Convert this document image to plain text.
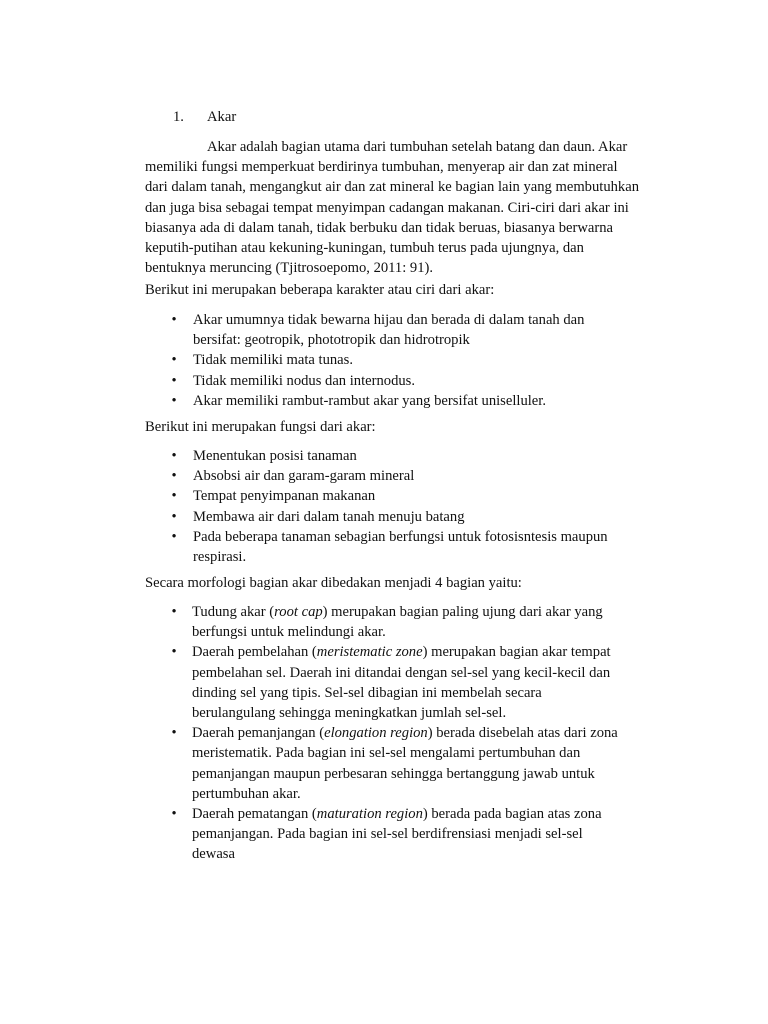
1. Akar
Akar adalah bagian utama dari tumbuhan setelah batang dan daun. Akar
memiliki fungsi memperkuat berdirinya tumbuhan, menyerap air dan zat mineral
dari dalam tanah, mengangkut air dan zat mineral ke bagian lain yang membutuhkan
dan juga bisa sebagai tempat menyimpan cadangan makanan. Ciri-ciri dari akar ini
biasanya ada di dalam tanah, tidak berbuku dan tidak beruas, biasanya berwarna
keputih-putihan atau kekuning-kuningan, tumbuh terus pada ujungnya, dan
bentuknya meruncing (Tjitrosoepomo, 2011: 91).
Berikut ini merupakan beberapa karakter atau ciri dari akar:
• Akar umumnya tidak bewarna hijau dan berada di dalam tanah dan
bersifat: geotropik, phototropik dan hidrotropik
• Tidak memiliki mata tunas.
• Tidak memiliki nodus dan internodus.
• Akar memiliki rambut-rambut akar yang bersifat uniselluler.
Berikut ini merupakan fungsi dari akar:
• Menentukan posisi tanaman
• Absobsi air dan garam-garam mineral
• Tempat penyimpanan makanan
• Membawa air dari dalam tanah menuju batang
• Pada beberapa tanaman sebagian berfungsi untuk fotosisntesis maupun
respirasi.
Secara morfologi bagian akar dibedakan menjadi 4 bagian yaitu:
• Tudung akar (root cap) merupakan bagian paling ujung dari akar yang
berfungsi untuk melindungi akar.
• Daerah pembelahan (meristematic zone) merupakan bagian akar tempat
pembelahan sel. Daerah ini ditandai dengan sel-sel yang kecil-kecil dan
dinding sel yang tipis. Sel-sel dibagian ini membelah secara
berulangulang sehingga meningkatkan jumlah sel-sel.
• Daerah pemanjangan (elongation region) berada disebelah atas dari zona
meristematik. Pada bagian ini sel-sel mengalami pertumbuhan dan
pemanjangan maupun perbesaran sehingga bertanggung jawab untuk
pertumbuhan akar.
• Daerah pematangan (maturation region) berada pada bagian atas zona
pemanjangan. Pada bagian ini sel-sel berdifrensiasi menjadi sel-sel
dewasa
